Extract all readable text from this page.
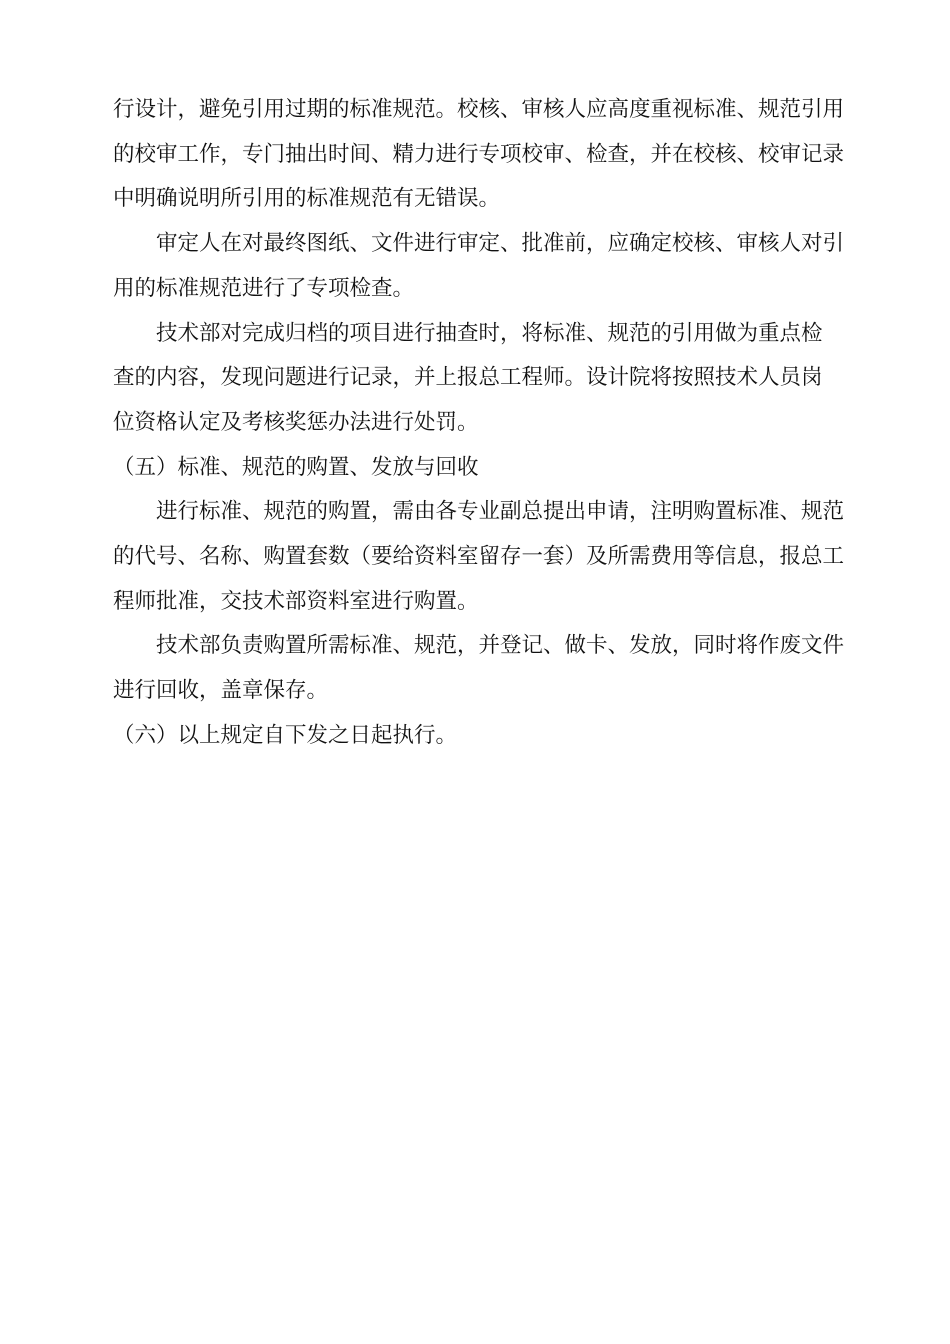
行设计，避免引用过期的标准规范。校核、审核人应高度重视标准、规范引用
的校审工作，专门抽出时间、精力进行专项校审、检查，并在校核、校审记录
中明确说明所引用的标准规范有无错误。
审定人在对最终图纸、文件进行审定、批准前，应确定校核、审核人对引
用的标准规范进行了专项检查。
技术部对完成归档的项目进行抽查时，将标准、规范的引用做为重点检
查的内容，发现问题进行记录，并上报总工程师。设计院将按照技术人员岗
位资格认定及考核奖惩办法进行处罚。
（五）标准、规范的购置、发放与回收
进行标准、规范的购置，需由各专业副总提出申请，注明购置标准、规范
的代号、名称、购置套数（要给资料室留存一套）及所需费用等信息，报总工
程师批准，交技术部资料室进行购置。
技术部负责购置所需标准、规范，并登记、做卡、发放，同时将作废文件
进行回收，盖章保存。
（六）以上规定自下发之日起执行。
